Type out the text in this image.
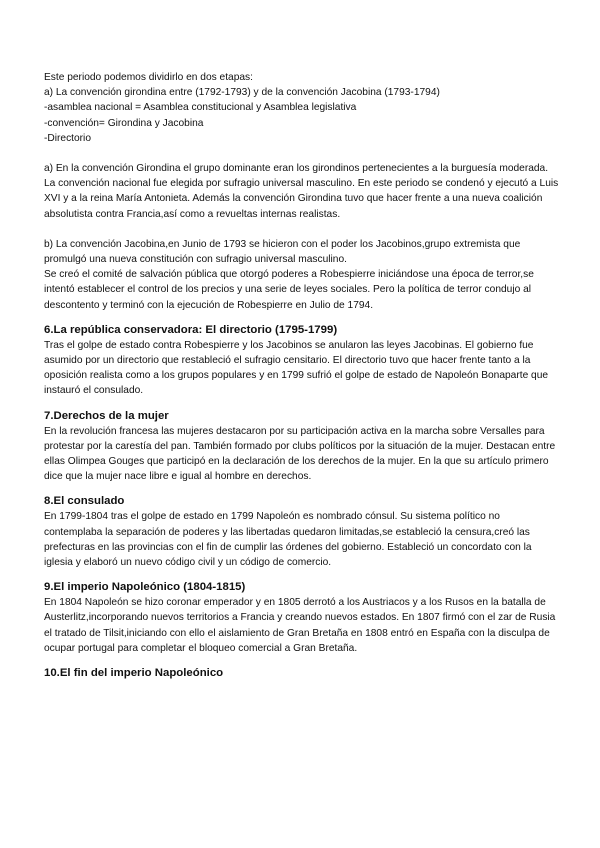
Este periodo podemos dividirlo en dos etapas:

a) La convención girondina entre (1792-1793) y de la convención Jacobina (1793-1794)

-asamblea nacional = Asamblea constitucional y Asamblea legislativa

-convención= Girondina y Jacobina

-Directorio

a) En la convención Girondina el grupo dominante eran los girondinos pertenecientes a la burguesía moderada. La convención nacional fue elegida por sufragio universal masculino. En este periodo se condenó y ejecutó a Luis XVI y a la reina María Antonieta. Además la convención Girondina tuvo que hacer frente a una nueva coalición absolutista contra Francia,así como a revueltas internas realistas.

b) La convención Jacobina,en Junio de 1793 se hicieron con el poder los Jacobinos,grupo extremista que promulgó una nueva constitución con sufragio universal masculino.

Se creó el comité de salvación pública que otorgó poderes a Robespierre iniciándose una época de terror,se intentó establecer el control de los precios y una serie de leyes sociales. Pero la política de terror condujo al descontento y terminó con la ejecución de Robespierre en Julio de 1794.

6.La república conservadora: El directorio (1795-1799)

Tras el golpe de estado contra Robespierre y los Jacobinos se anularon las leyes Jacobinas. El gobierno fue asumido por un directorio que restableció el sufragio censitario. El directorio tuvo que hacer frente tanto a la oposición realista como a los grupos populares y en 1799 sufrió el golpe de estado de Napoleón Bonaparte que instauró el consulado.

7.Derechos de la mujer

En la revolución francesa las mujeres destacaron por su participación activa en la marcha sobre Versalles para protestar por la carestía del pan. También formado por clubs políticos por la situación de la mujer. Destacan entre ellas Olimpea Gouges que participó en la declaración de los derechos de la mujer. En la que su artículo primero dice que la mujer nace libre e igual al hombre en derechos.

8.El consulado

En 1799-1804 tras el golpe de estado en 1799 Napoleón es nombrado cónsul. Su sistema político no contemplaba la separación de poderes y las libertadas quedaron limitadas,se estableció la censura,creó las prefecturas en las provincias con el fin de cumplir las órdenes del gobierno. Estableció un concordato con la iglesia y elaboró un nuevo código civil y un código de comercio.

9.El imperio Napoleónico (1804-1815)

En 1804 Napoleón se hizo coronar emperador y en 1805 derrotó a los Austriacos y a los Rusos en la batalla de Austerlitz,incorporando nuevos territorios a Francia y creando nuevos estados. En 1807 firmó con el zar de Rusia el tratado de Tilsit,iniciando con ello el aislamiento de Gran Bretaña en 1808 entró en España con la disculpa de ocupar portugal para completar el bloqueo comercial a Gran Bretaña.

10.El fin del imperio Napoleónico
